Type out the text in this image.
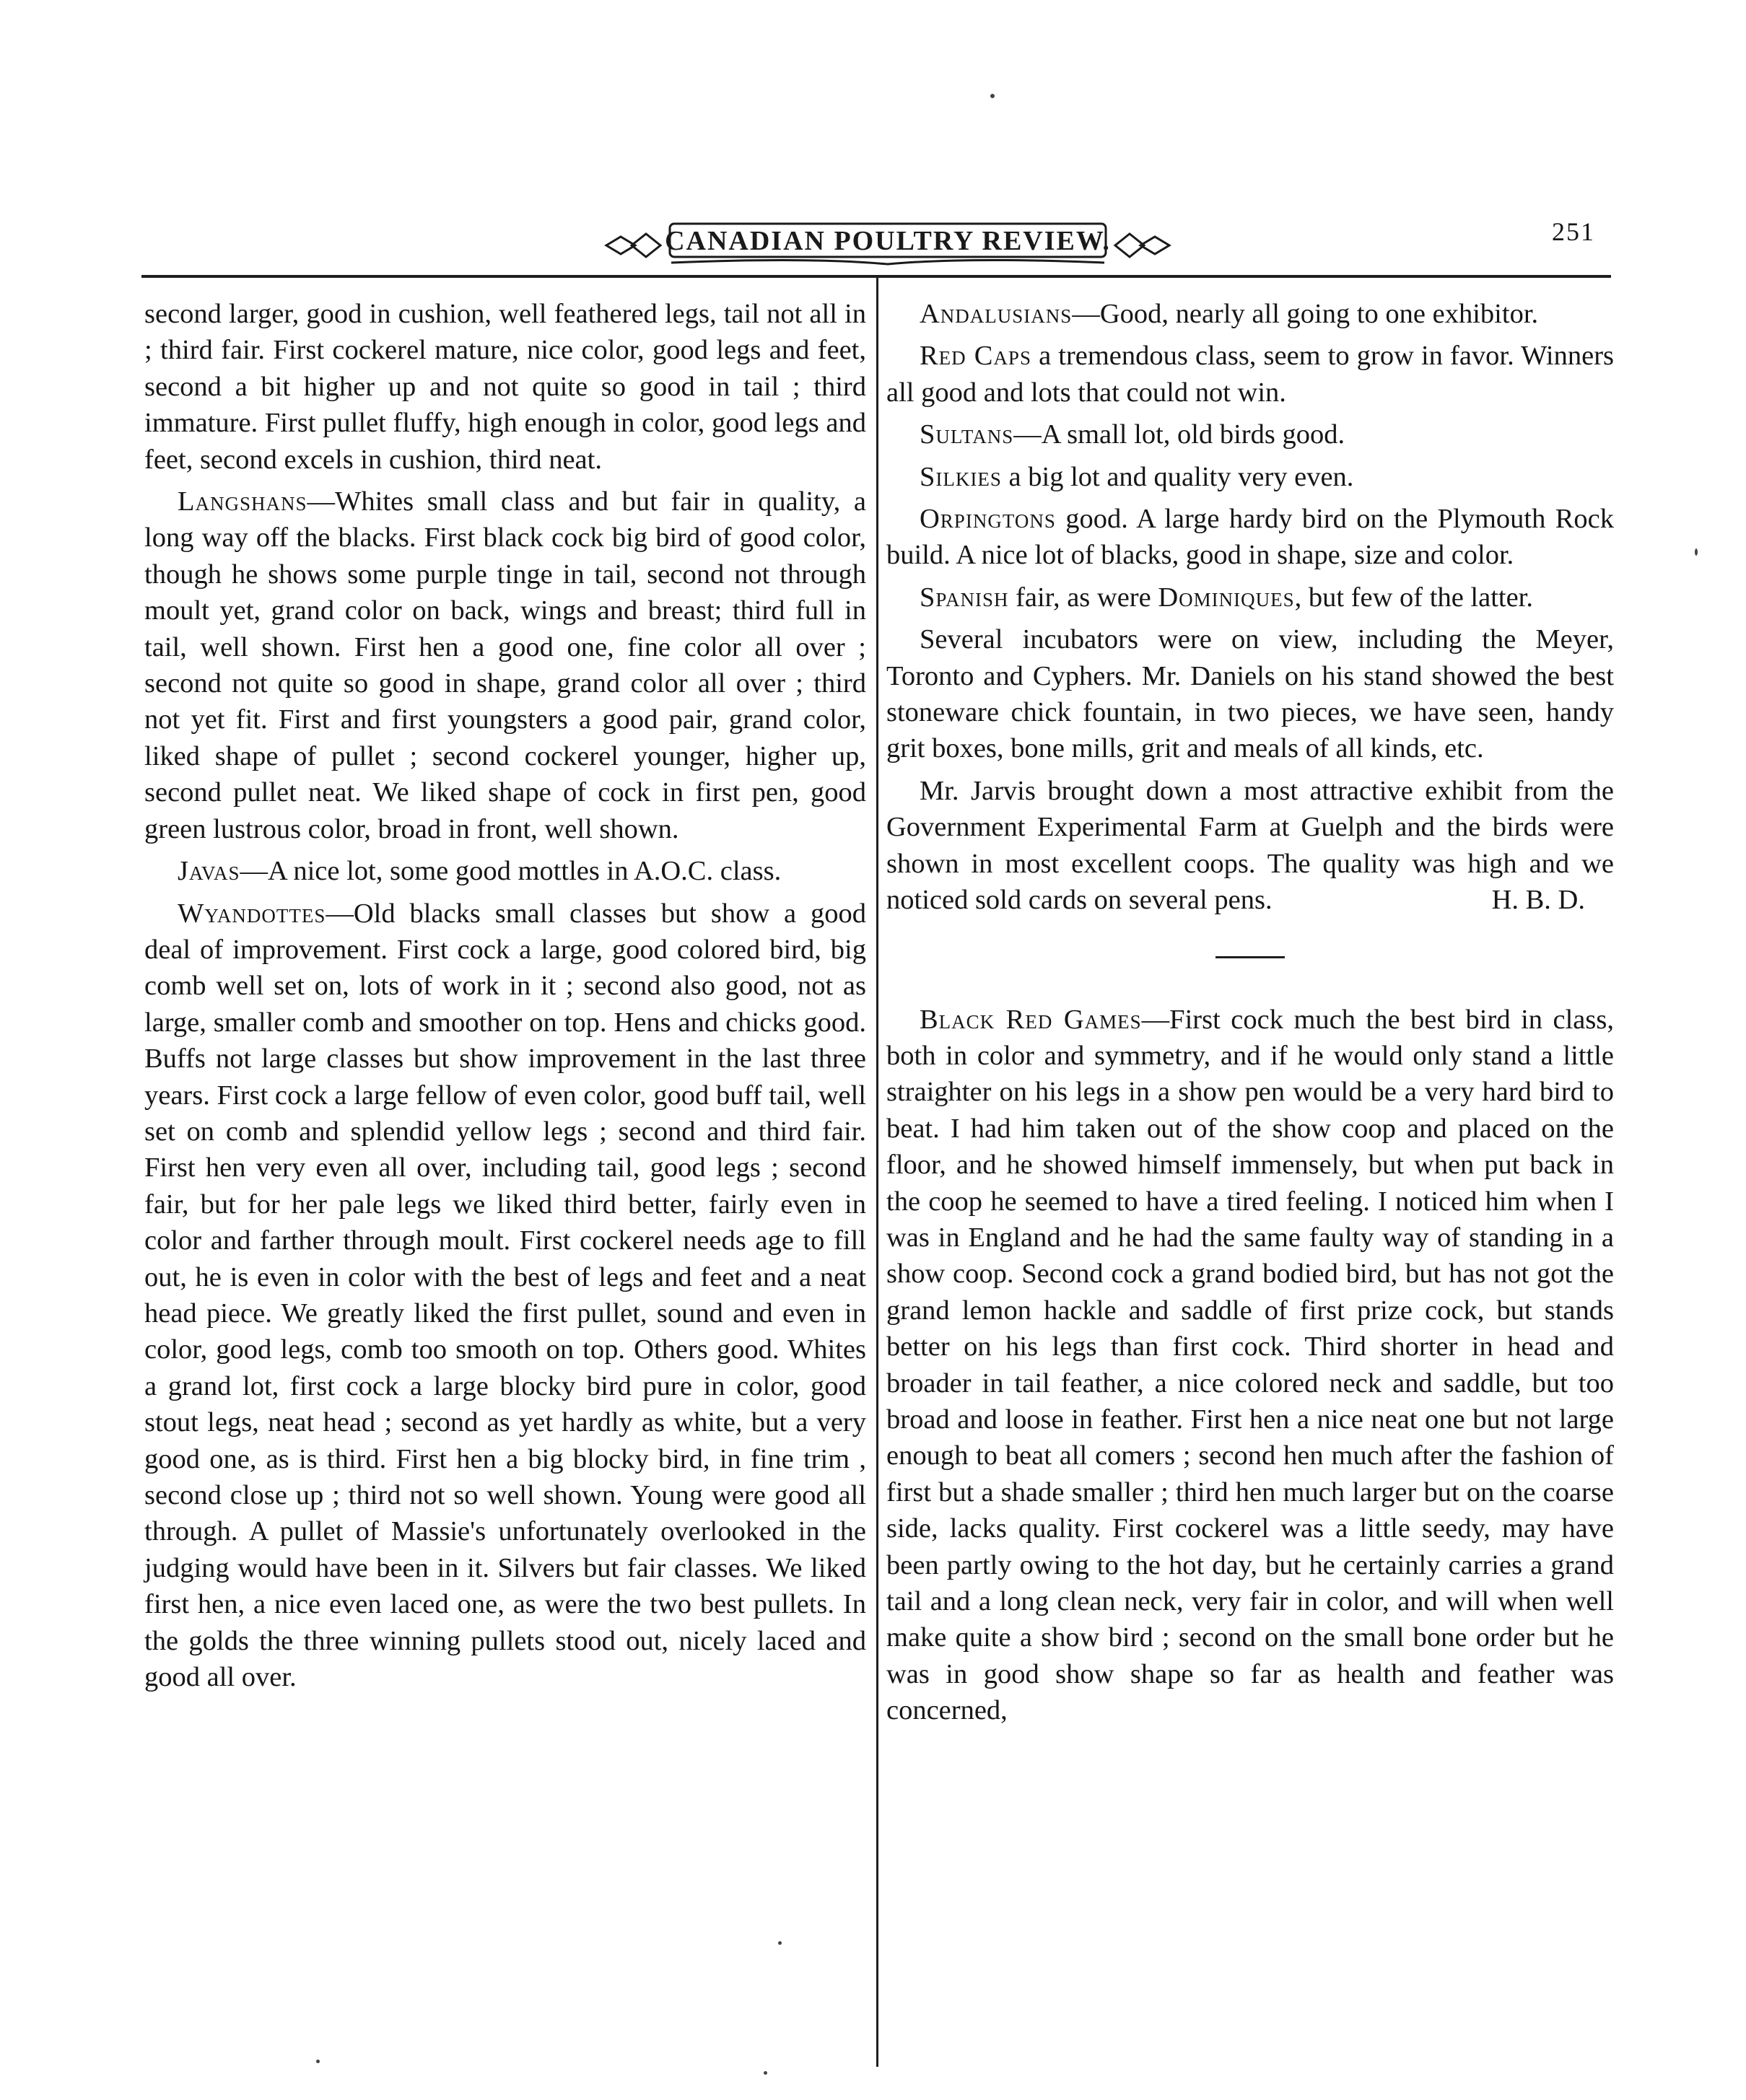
CANADIAN POULTRY REVIEW.	251

second larger, good in cushion, well feathered legs, tail not all in ; third fair. First cockerel mature, nice color, good legs and feet, second a bit higher up and not quite so good in tail ; third immature. First pullet fluffy, high enough in color, good legs and feet, second excels in cushion, third neat.

Langshans—Whites small class and but fair in quality, a long way off the blacks. First black cock big bird of good color, though he shows some purple tinge in tail, second not through moult yet, grand color on back, wings and breast; third full in tail, well shown. First hen a good one, fine color all over ; second not quite so good in shape, grand color all over ; third not yet fit. First and first youngsters a good pair, grand color, liked shape of pullet ; second cockerel younger, higher up, second pullet neat. We liked shape of cock in first pen, good green lustrous color, broad in front, well shown.

Javas—A nice lot, some good mottles in A.O.C. class.

Wyandottes—Old blacks small classes but show a good deal of improvement. First cock a large, good colored bird, big comb well set on, lots of work in it ; second also good, not as large, smaller comb and smoother on top. Hens and chicks good. Buffs not large classes but show improvement in the last three years. First cock a large fellow of even color, good buff tail, well set on comb and splendid yellow legs ; second and third fair. First hen very even all over, including tail, good legs ; second fair, but for her pale legs we liked third better, fairly even in color and farther through moult. First cockerel needs age to fill out, he is even in color with the best of legs and feet and a neat head piece. We greatly liked the first pullet, sound and even in color, good legs, comb too smooth on top. Others good. Whites a grand lot, first cock a large blocky bird pure in color, good stout legs, neat head ; second as yet hardly as white, but a very good one, as is third. First hen a big blocky bird, in fine trim , second close up ; third not so well shown. Young were good all through. A pullet of Massie's unfortunately overlooked in the judging would have been in it. Silvers but fair classes. We liked first hen, a nice even laced one, as were the two best pullets. In the golds the three winning pullets stood out, nicely laced and good all over.

Andalusians—Good, nearly all going to one exhibitor.

Red Caps a tremendous class, seem to grow in favor. Winners all good and lots that could not win.

Sultans—A small lot, old birds good.

Silkies a big lot and quality very even.

Orpingtons good. A large hardy bird on the Plymouth Rock build. A nice lot of blacks, good in shape, size and color.

Spanish fair, as were Dominiques, but few of the latter.

Several incubators were on view, including the Meyer, Toronto and Cyphers. Mr. Daniels on his stand showed the best stoneware chick fountain, in two pieces, we have seen, handy grit boxes, bone mills, grit and meals of all kinds, etc.

Mr. Jarvis brought down a most attractive exhibit from the Government Experimental Farm at Guelph and the birds were shown in most excellent coops. The quality was high and we noticed sold cards on several pens.	H. B. D.

Black Red Games—First cock much the best bird in class, both in color and symmetry, and if he would only stand a little straighter on his legs in a show pen would be a very hard bird to beat. I had him taken out of the show coop and placed on the floor, and he showed himself immensely, but when put back in the coop he seemed to have a tired feeling. I noticed him when I was in England and he had the same faulty way of standing in a show coop. Second cock a grand bodied bird, but has not got the grand lemon hackle and saddle of first prize cock, but stands better on his legs than first cock. Third shorter in head and broader in tail feather, a nice colored neck and saddle, but too broad and loose in feather. First hen a nice neat one but not large enough to beat all comers ; second hen much after the fashion of first but a shade smaller ; third hen much larger but on the coarse side, lacks quality. First cockerel was a little seedy, may have been partly owing to the hot day, but he certainly carries a grand tail and a long clean neck, very fair in color, and will when well make quite a show bird ; second on the small bone order but he was in good show shape so far as health and feather was concerned,
